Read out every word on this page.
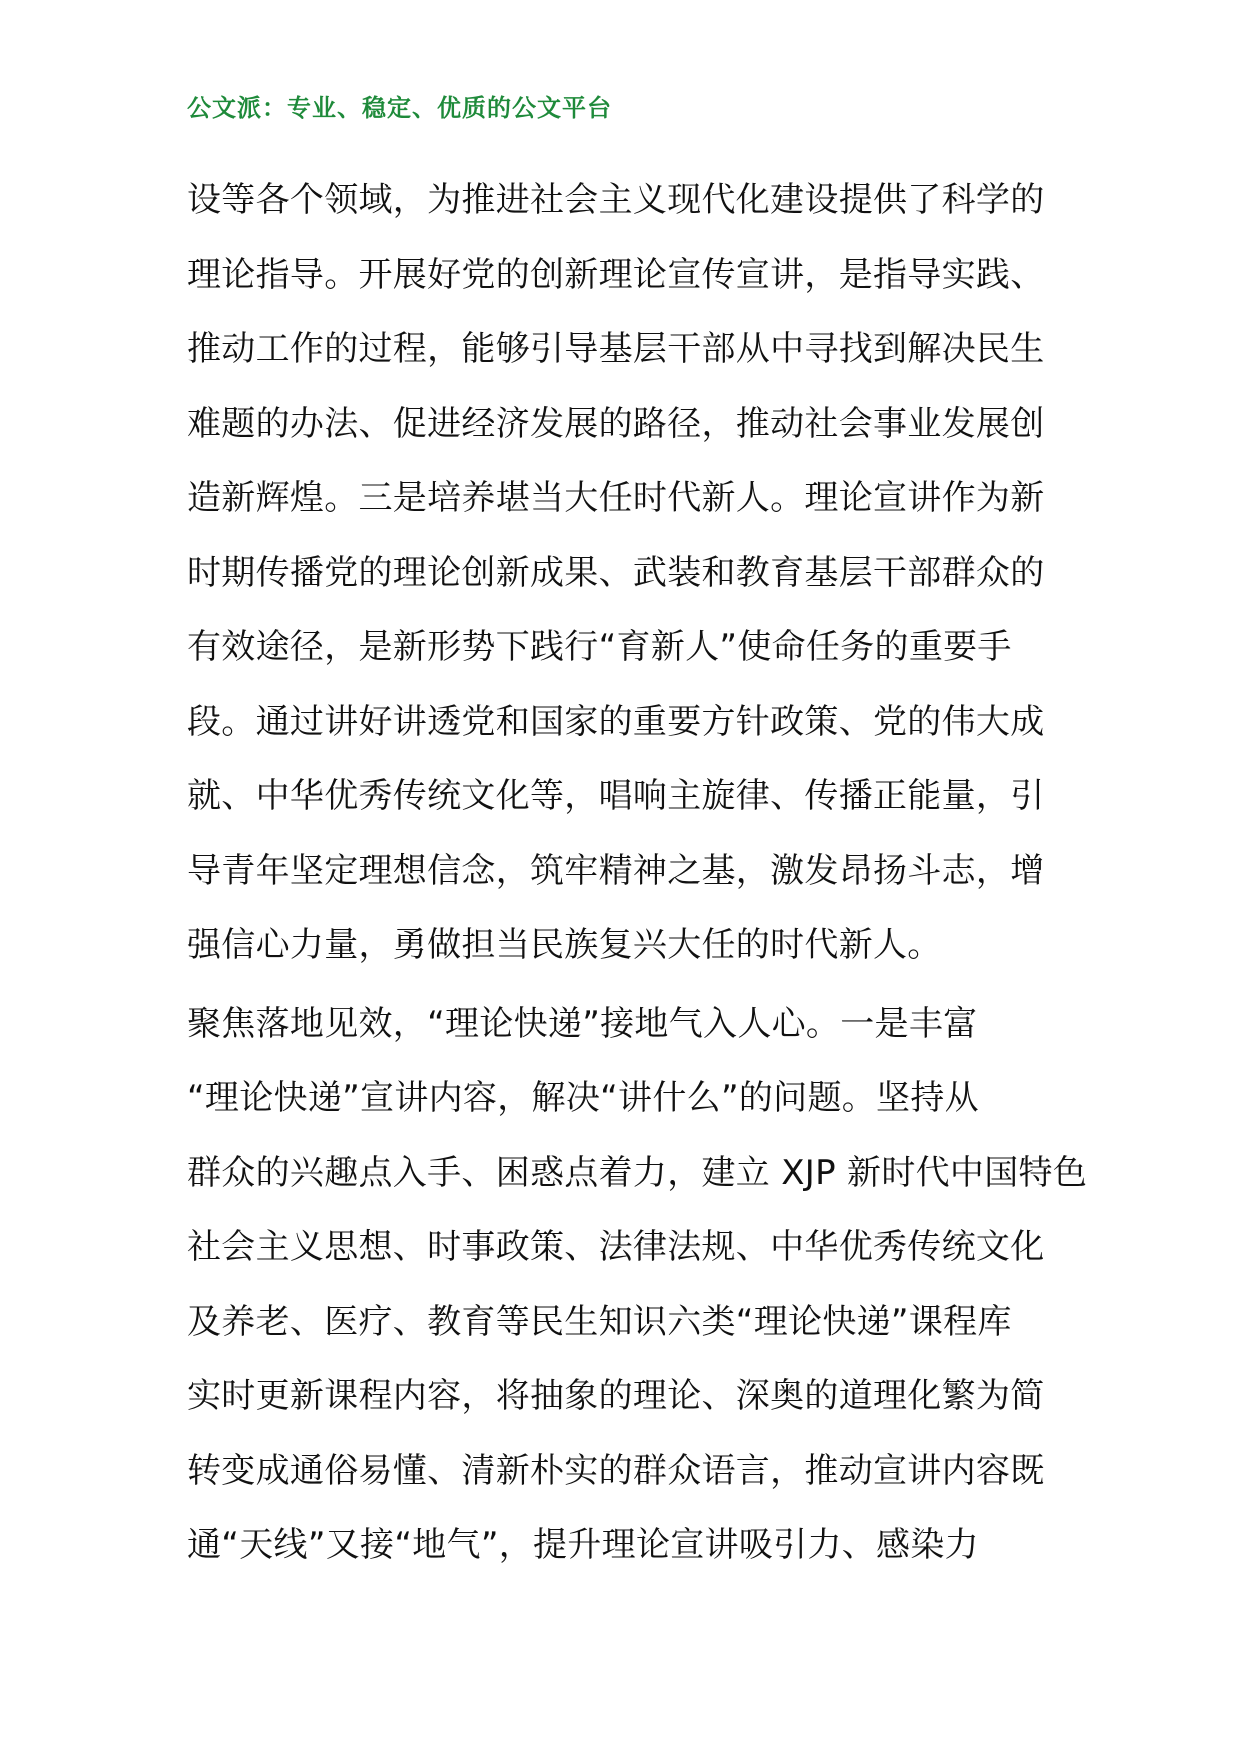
公文派：专业、稳定、优质的公文平台
设等各个领域，为推进社会主义现代化建设提供了科学的
理论指导。开展好党的创新理论宣传宣讲，是指导实践、
推动工作的过程，能够引导基层干部从中寻找到解决民生
难题的办法、促进经济发展的路径，推动社会事业发展创
造新辉煌。三是培养堪当大任时代新人。理论宣讲作为新
时期传播党的理论创新成果、武装和教育基层干部群众的
有效途径，是新形势下践行“育新人”使命任务的重要手
段。通过讲好讲透党和国家的重要方针政策、党的伟大成
就、中华优秀传统文化等，唱响主旋律、传播正能量，引
导青年坚定理想信念，筑牢精神之基，激发昂扬斗志，增
强信心力量，勇做担当民族复兴大任的时代新人。
聚焦落地见效，“理论快递”接地气入人心。一是丰富
“理论快递”宣讲内容，解决“讲什么”的问题。坚持从
群众的兴趣点入手、困惑点着力，建立 XJP 新时代中国特色
社会主义思想、时事政策、法律法规、中华优秀传统文化
及养老、医疗、教育等民生知识六类“理论快递”课程库
实时更新课程内容，将抽象的理论、深奥的道理化繁为简
转变成通俗易懂、清新朴实的群众语言，推动宣讲内容既
通“天线”又接“地气”，提升理论宣讲吸引力、感染力
